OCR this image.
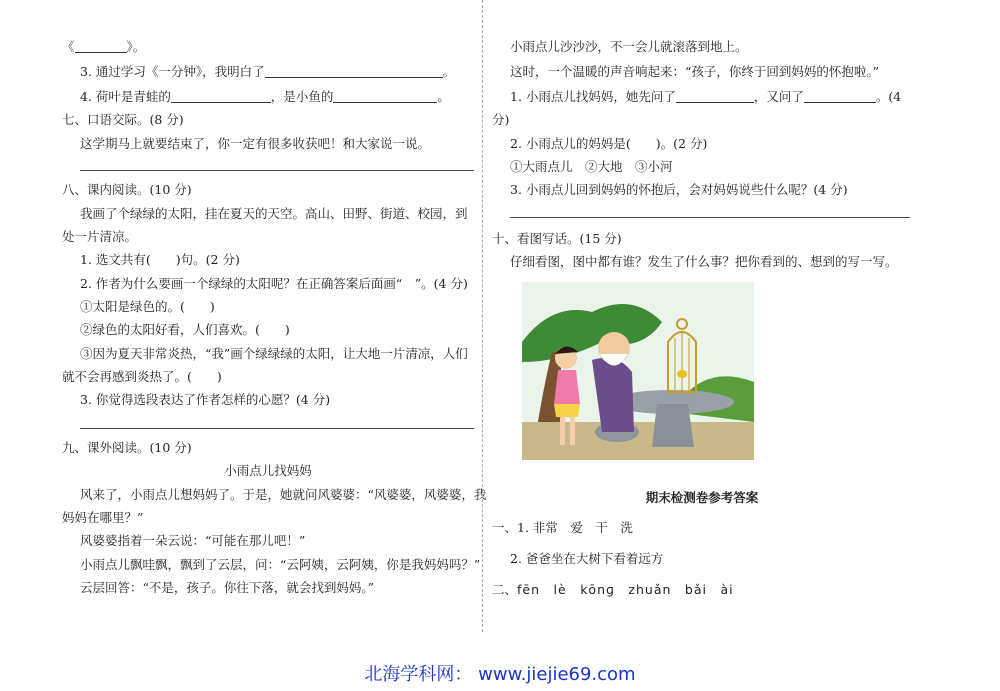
《	》。
3. 通过学习《一分钟》，我明白了	。
4. 荷叶是青蛙的	，是小鱼的	。
七、口语交际。(8 分)
这学期马上就要结束了，你一定有很多收获吧！和大家说一说。
八、课内阅读。(10 分)
我画了个绿绿的太阳，挂在夏天的天空。高山、田野、街道、校园，到
处一片清凉。
1. 选文共有(　　)句。(2 分)
2. 作者为什么要画一个绿绿的太阳呢？在正确答案后面画“　”。(4 分)
①太阳是绿色的。(　　)
②绿色的太阳好看，人们喜欢。(　　)
③因为夏天非常炎热，“我”画个绿绿绿的太阳，让大地一片清凉，人们
就不会再感到炎热了。(　　)
3. 你觉得选段表达了作者怎样的心愿？(4 分)
九、课外阅读。(10 分)
小雨点儿找妈妈
风来了，小雨点儿想妈妈了。于是，她就问风婆婆：“风婆婆，风婆婆，我
妈妈在哪里？”
风婆婆指着一朵云说：“可能在那儿吧！”
小雨点儿飘哇飘，飘到了云层，问：“云阿姨，云阿姨，你是我妈妈吗？”
云层回答：“不是，孩子。你往下落，就会找到妈妈。”
小雨点儿沙沙沙，不一会儿就滚落到地上。
这时，一个温暖的声音响起来：“孩子，你终于回到妈妈的怀抱啦。”
1. 小雨点儿找妈妈，她先问了	，又问了	。(4
分)
2. 小雨点儿的妈妈是(　　)。(2 分)
①大雨点儿　②大地　③小河
3. 小雨点儿回到妈妈的怀抱后，会对妈妈说些什么呢？(4 分)
十、看图写话。(15 分)
仔细看图，图中都有谁？发生了什么事？把你看到的、想到的写一写。
期末检测卷参考答案
一、1. 非常　爱　干　洗
2. 爸爸坐在大树下看着远方
二、fēn　lè　kōnɡ　zhuǎn　bǎi　ài
北海学科网： www.jiejie69.com
